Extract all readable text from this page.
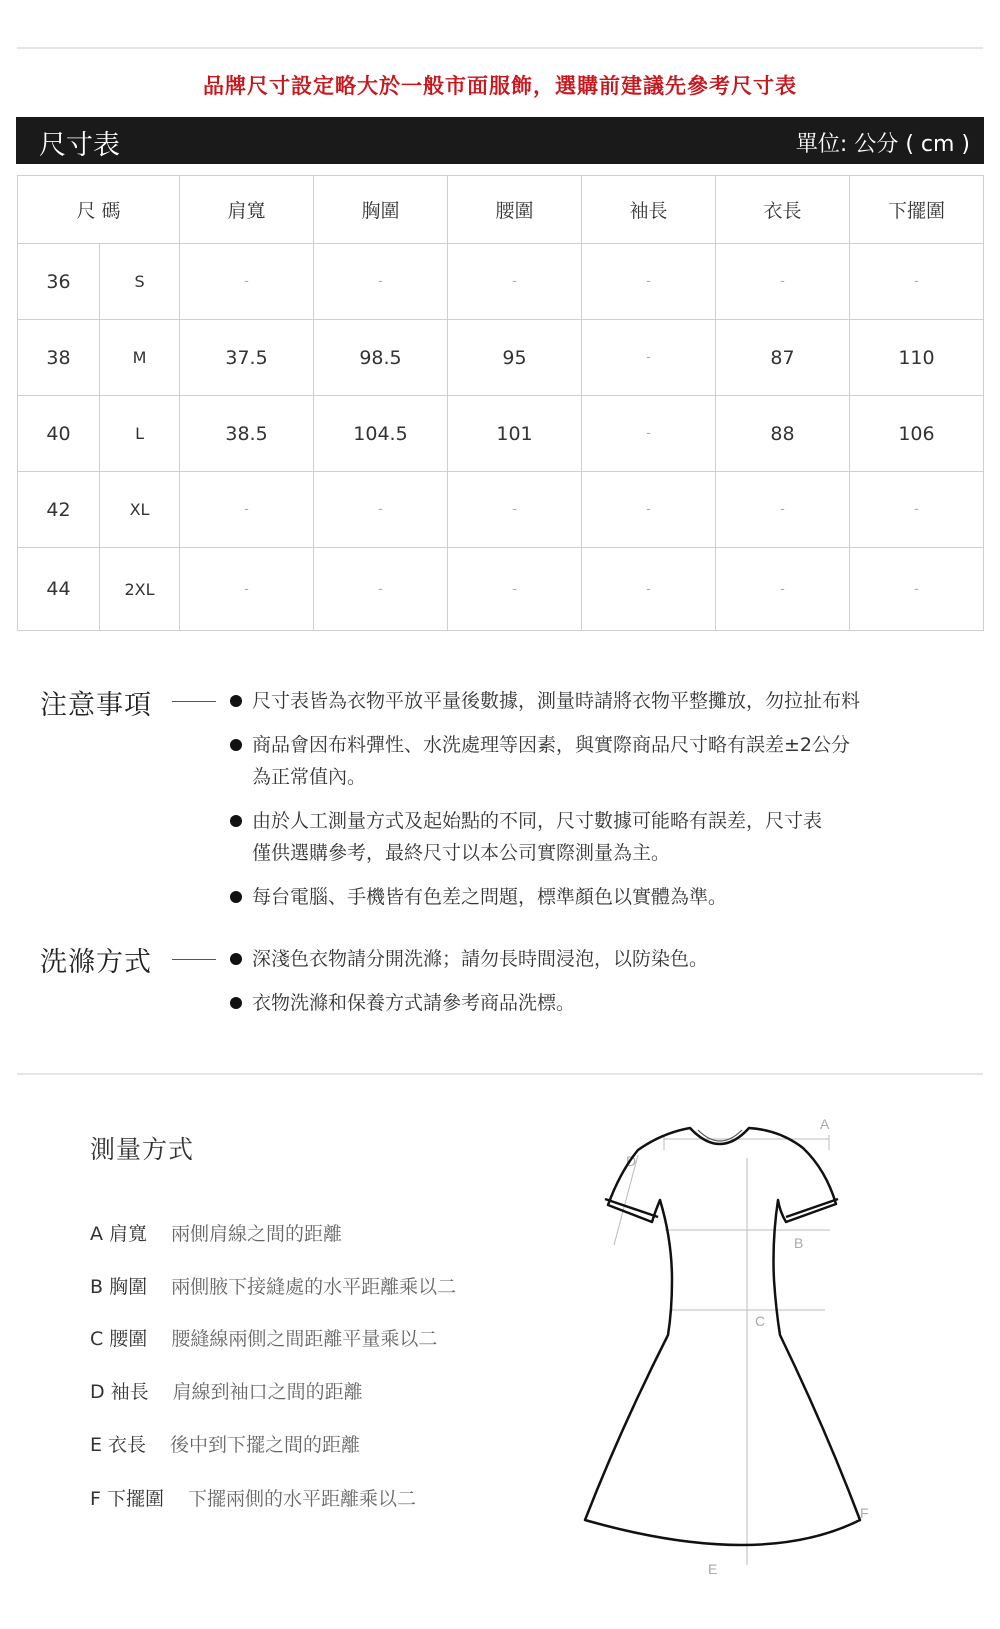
品牌尺寸設定略大於一般市面服飾，選購前建議先參考尺寸表
尺寸表	單位: 公分 ( cm )
尺 碼		肩寬	胸圍	腰圍	袖長	衣長	下擺圍
36	S	-	-	-	-	-	-
38	M	37.5	98.5	95	-	87	110
40	L	38.5	104.5	101	-	88	106
42	XL	-	-	-	-	-	-
44	2XL	-	-	-	-	-	-
注意事項	尺寸表皆為衣物平放平量後數據，測量時請將衣物平整攤放，勿拉扯布料
商品會因布料彈性、水洗處理等因素，與實際商品尺寸略有誤差±2公分
為正常值內。
由於人工測量方式及起始點的不同，尺寸數據可能略有誤差，尺寸表
僅供選購參考，最終尺寸以本公司實際測量為主。
每台電腦、手機皆有色差之問題，標準顏色以實體為準。
洗滌方式	深淺色衣物請分開洗滌；請勿長時間浸泡，以防染色。
衣物洗滌和保養方式請參考商品洗標。
測量方式
A 肩寬 兩側肩線之間的距離
B 胸圍 兩側腋下接縫處的水平距離乘以二
C 腰圍 腰縫線兩側之間距離平量乘以二
D 袖長 肩線到袖口之間的距離
E 衣長 後中到下擺之間的距離
F 下擺圍 下擺兩側的水平距離乘以二
A
D
B
C
F
E
